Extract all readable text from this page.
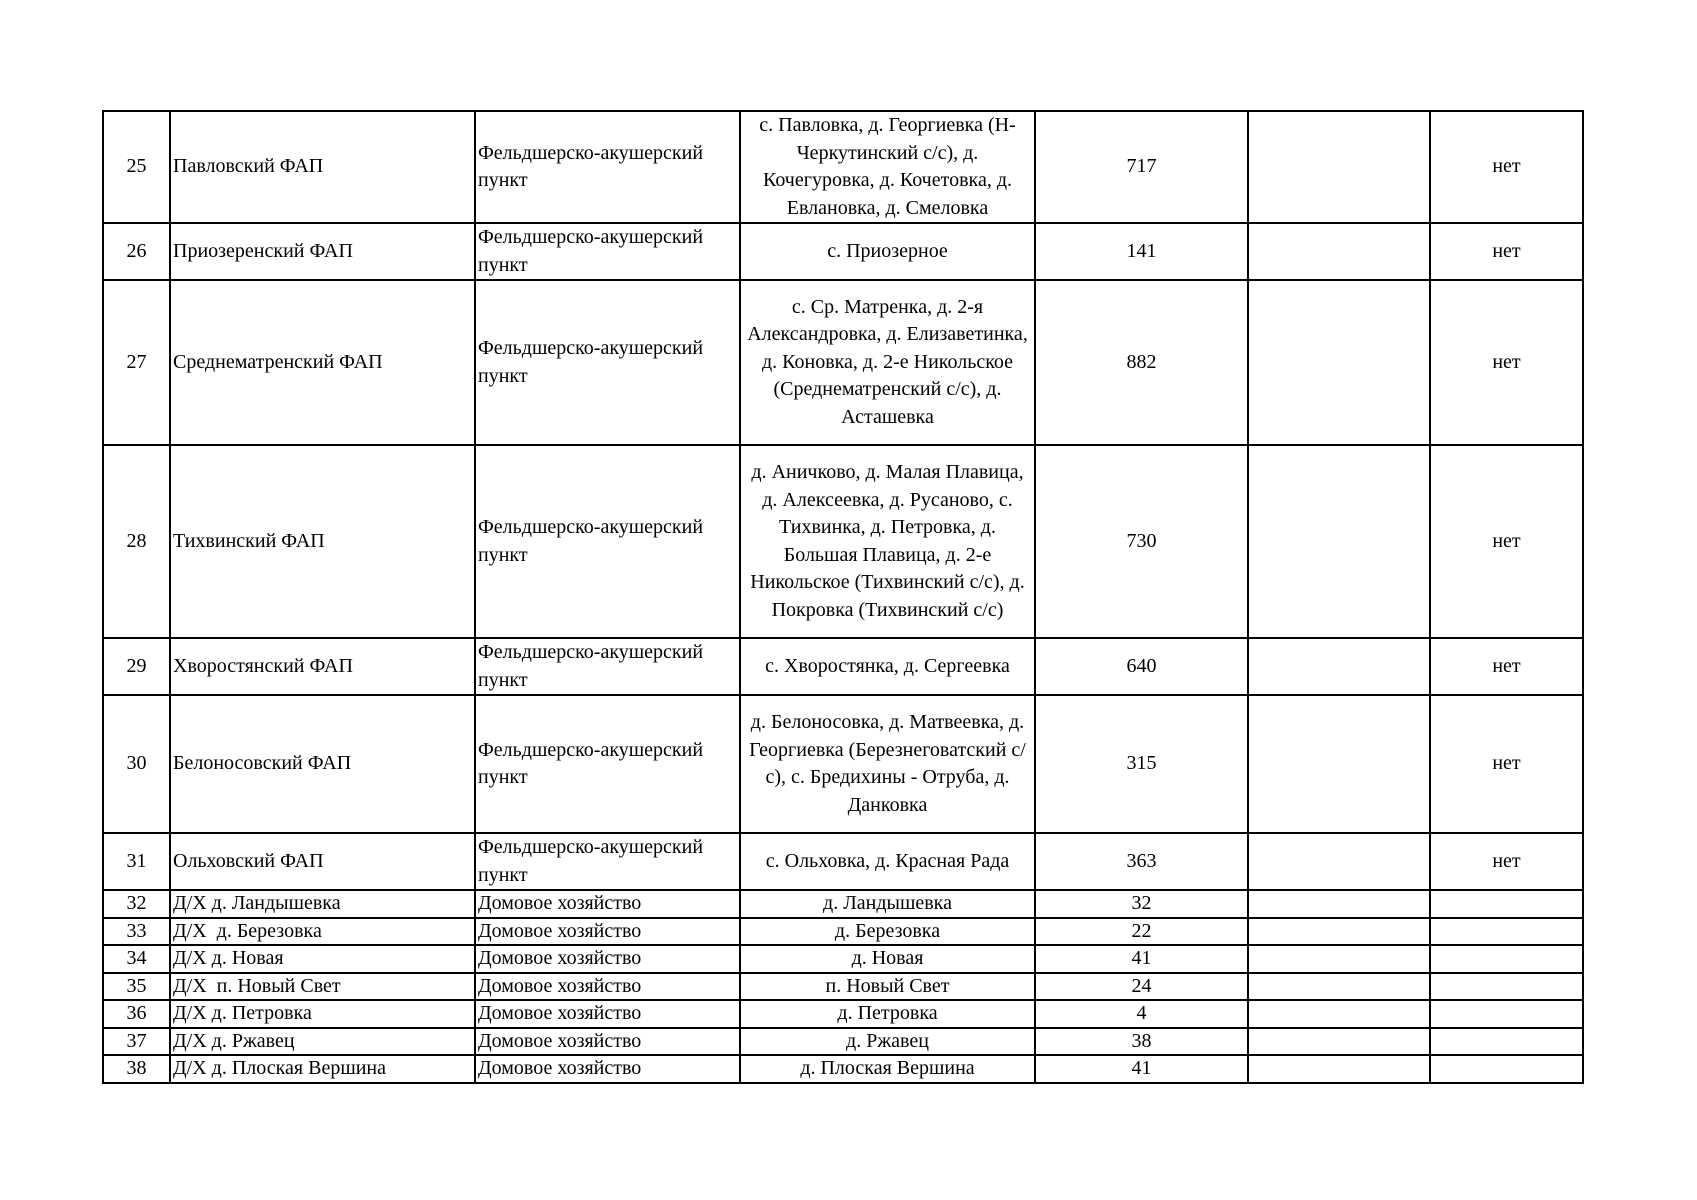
25	Павловский ФАП	Фельдшерско-акушерский пункт	с. Павловка, д. Георгиевка (Н-Черкутинский с/с), д. Кочегуровка, д. Кочетовка, д. Евлановка, д. Смеловка	717		нет
26	Приозеренский ФАП	Фельдшерско-акушерский пункт	с. Приозерное	141		нет
27	Среднематренский ФАП	Фельдшерско-акушерский пункт	с. Ср. Матренка, д. 2-я Александровка, д. Елизаветинка, д. Коновка, д. 2-е Никольское (Среднематренский с/с), д. Асташевка	882		нет
28	Тихвинский ФАП	Фельдшерско-акушерский пункт	д. Аничково, д. Малая Плавица, д. Алексеевка, д. Русаново, с. Тихвинка, д. Петровка, д. Большая Плавица, д. 2-е Никольское (Тихвинский с/с), д. Покровка (Тихвинский с/с)	730		нет
29	Хворостянский ФАП	Фельдшерско-акушерский пункт	с. Хворостянка, д. Сергеевка	640		нет
30	Белоносовский ФАП	Фельдшерско-акушерский пункт	д. Белоносовка, д. Матвеевка, д. Георгиевка (Березнеговатский с/с), с. Бредихины - Отруба, д. Данковка	315		нет
31	Ольховский ФАП	Фельдшерско-акушерский пункт	с. Ольховка, д. Красная Рада	363		нет
32	Д/Х д. Ландышевка	Домовое хозяйство	д. Ландышевка	32		
33	Д/Х  д. Березовка	Домовое хозяйство	д. Березовка	22		
34	Д/Х д. Новая	Домовое хозяйство	д. Новая	41		
35	Д/Х  п. Новый Свет	Домовое хозяйство	п. Новый Свет	24		
36	Д/Х д. Петровка	Домовое хозяйство	д. Петровка	4		
37	Д/Х д. Ржавец	Домовое хозяйство	д. Ржавец	38		
38	Д/Х д. Плоская Вершина	Домовое хозяйство	д. Плоская Вершина	41		
